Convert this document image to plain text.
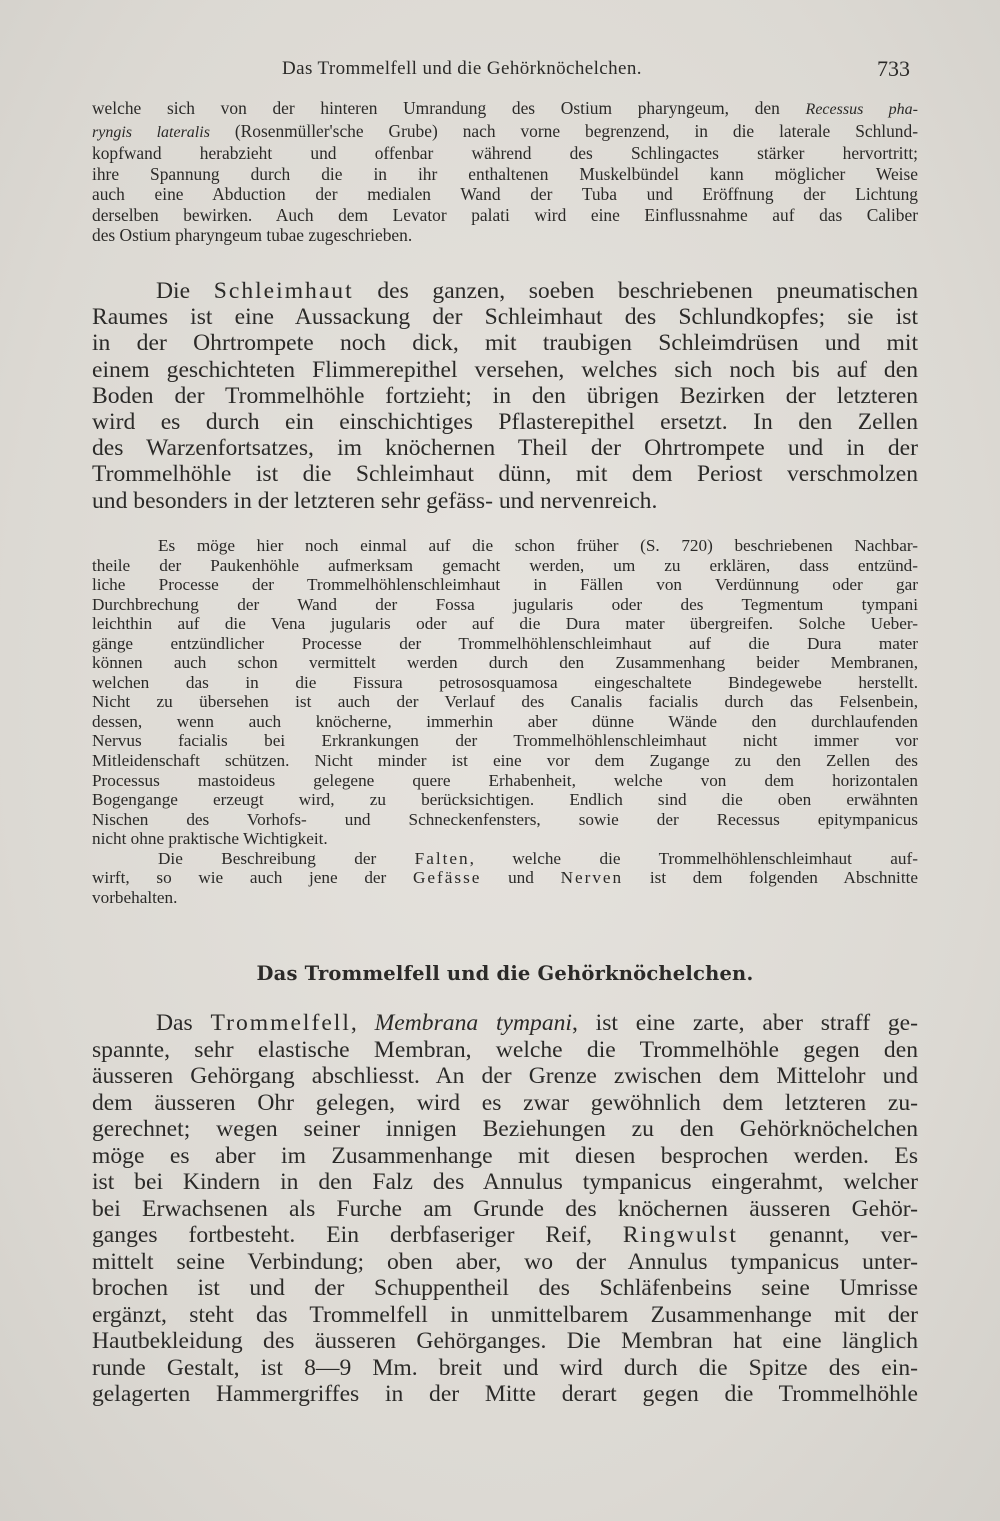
Das Trommelfell und die Gehörknöchelchen.	733
welche sich von der hinteren Umrandung des Ostium pharyngeum, den Recessus pha-
ryngis lateralis (Rosenmüller'sche Grube) nach vorne begrenzend, in die laterale Schlund-
kopfwand herabzieht und offenbar während des Schlingactes stärker hervortritt;
ihre Spannung durch die in ihr enthaltenen Muskelbündel kann möglicher Weise
auch eine Abduction der medialen Wand der Tuba und Eröffnung der Lichtung
derselben bewirken. Auch dem Levator palati wird eine Einflussnahme auf das Caliber
des Ostium pharyngeum tubae zugeschrieben.
Die Schleimhaut des ganzen, soeben beschriebenen pneumatischen
Raumes ist eine Aussackung der Schleimhaut des Schlundkopfes; sie ist
in der Ohrtrompete noch dick, mit traubigen Schleimdrüsen und mit
einem geschichteten Flimmerepithel versehen, welches sich noch bis auf den
Boden der Trommelhöhle fortzieht; in den übrigen Bezirken der letzteren
wird es durch ein einschichtiges Pflasterepithel ersetzt. In den Zellen
des Warzenfortsatzes, im knöchernen Theil der Ohrtrompete und in der
Trommelhöhle ist die Schleimhaut dünn, mit dem Periost verschmolzen
und besonders in der letzteren sehr gefäss- und nervenreich.
Es möge hier noch einmal auf die schon früher (S. 720) beschriebenen Nachbar-
theile der Paukenhöhle aufmerksam gemacht werden, um zu erklären, dass entzünd-
liche Processe der Trommelhöhlenschleimhaut in Fällen von Verdünnung oder gar
Durchbrechung der Wand der Fossa jugularis oder des Tegmentum tympani
leichthin auf die Vena jugularis oder auf die Dura mater übergreifen. Solche Ueber-
gänge entzündlicher Processe der Trommelhöhlenschleimhaut auf die Dura mater
können auch schon vermittelt werden durch den Zusammenhang beider Membranen,
welchen das in die Fissura petrososquamosa eingeschaltete Bindegewebe herstellt.
Nicht zu übersehen ist auch der Verlauf des Canalis facialis durch das Felsenbein,
dessen, wenn auch knöcherne, immerhin aber dünne Wände den durchlaufenden
Nervus facialis bei Erkrankungen der Trommelhöhlenschleimhaut nicht immer vor
Mitleidenschaft schützen. Nicht minder ist eine vor dem Zugange zu den Zellen des
Processus mastoideus gelegene quere Erhabenheit, welche von dem horizontalen
Bogengange erzeugt wird, zu berücksichtigen. Endlich sind die oben erwähnten
Nischen des Vorhofs- und Schneckenfensters, sowie der Recessus epitympanicus
nicht ohne praktische Wichtigkeit.
Die Beschreibung der Falten, welche die Trommelhöhlenschleimhaut auf-
wirft, so wie auch jene der Gefässe und Nerven ist dem folgenden Abschnitte
vorbehalten.
Das Trommelfell und die Gehörknöchelchen.
Das Trommelfell, Membrana tympani, ist eine zarte, aber straff ge-
spannte, sehr elastische Membran, welche die Trommelhöhle gegen den
äusseren Gehörgang abschliesst. An der Grenze zwischen dem Mittelohr und
dem äusseren Ohr gelegen, wird es zwar gewöhnlich dem letzteren zu-
gerechnet; wegen seiner innigen Beziehungen zu den Gehörknöchelchen
möge es aber im Zusammenhange mit diesen besprochen werden. Es
ist bei Kindern in den Falz des Annulus tympanicus eingerahmt, welcher
bei Erwachsenen als Furche am Grunde des knöchernen äusseren Gehör-
ganges fortbesteht. Ein derbfaseriger Reif, Ringwulst genannt, ver-
mittelt seine Verbindung; oben aber, wo der Annulus tympanicus unter-
brochen ist und der Schuppentheil des Schläfenbeins seine Umrisse
ergänzt, steht das Trommelfell in unmittelbarem Zusammenhange mit der
Hautbekleidung des äusseren Gehörganges. Die Membran hat eine länglich
runde Gestalt, ist 8—9 Mm. breit und wird durch die Spitze des ein-
gelagerten Hammergriffes in der Mitte derart gegen die Trommelhöhle
